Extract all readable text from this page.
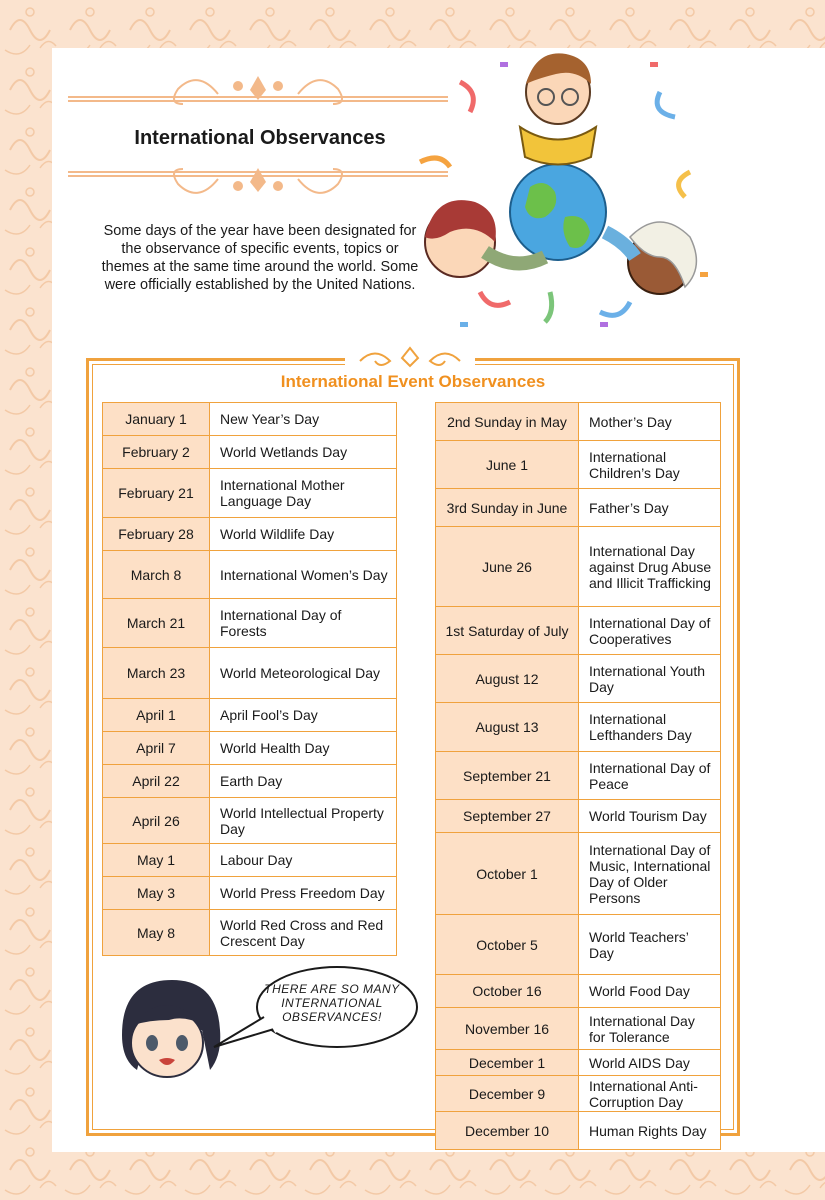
International Observances
Some days of the year have been designated for the observance of specific events, topics or themes at the same time around the world. Some were officially established by the United Nations.
International Event Observances
January 1	New Year’s Day
February 2	World Wetlands Day
February 21	International Mother Language Day
February 28	World Wildlife Day
March 8	International Women’s Day
March 21	International Day of Forests
March 23	World Meteorological Day
April 1	April Fool’s Day
April 7	World Health Day
April 22	Earth Day
April 26	World Intellectual Property Day
May 1	Labour Day
May 3	World Press Freedom Day
May 8	World Red Cross and Red Crescent Day
2nd Sunday in May	Mother’s Day
June 1	International Children’s Day
3rd Sunday in June	Father’s Day
June 26	International Day against Drug Abuse and Illicit Trafficking
1st Saturday of July	International Day of Cooperatives
August 12	International Youth Day
August 13	International Lefthanders Day
September 21	International Day of Peace
September 27	World Tourism Day
October 1	International Day of Music, International Day of Older Persons
October 5	World Teachers’ Day
October 16	World Food Day
November 16	International Day for Tolerance
December 1	World AIDS Day
December 9	International Anti-Corruption Day
December 10	Human Rights Day
THERE ARE SO MANY INTERNATIONAL OBSERVANCES!
